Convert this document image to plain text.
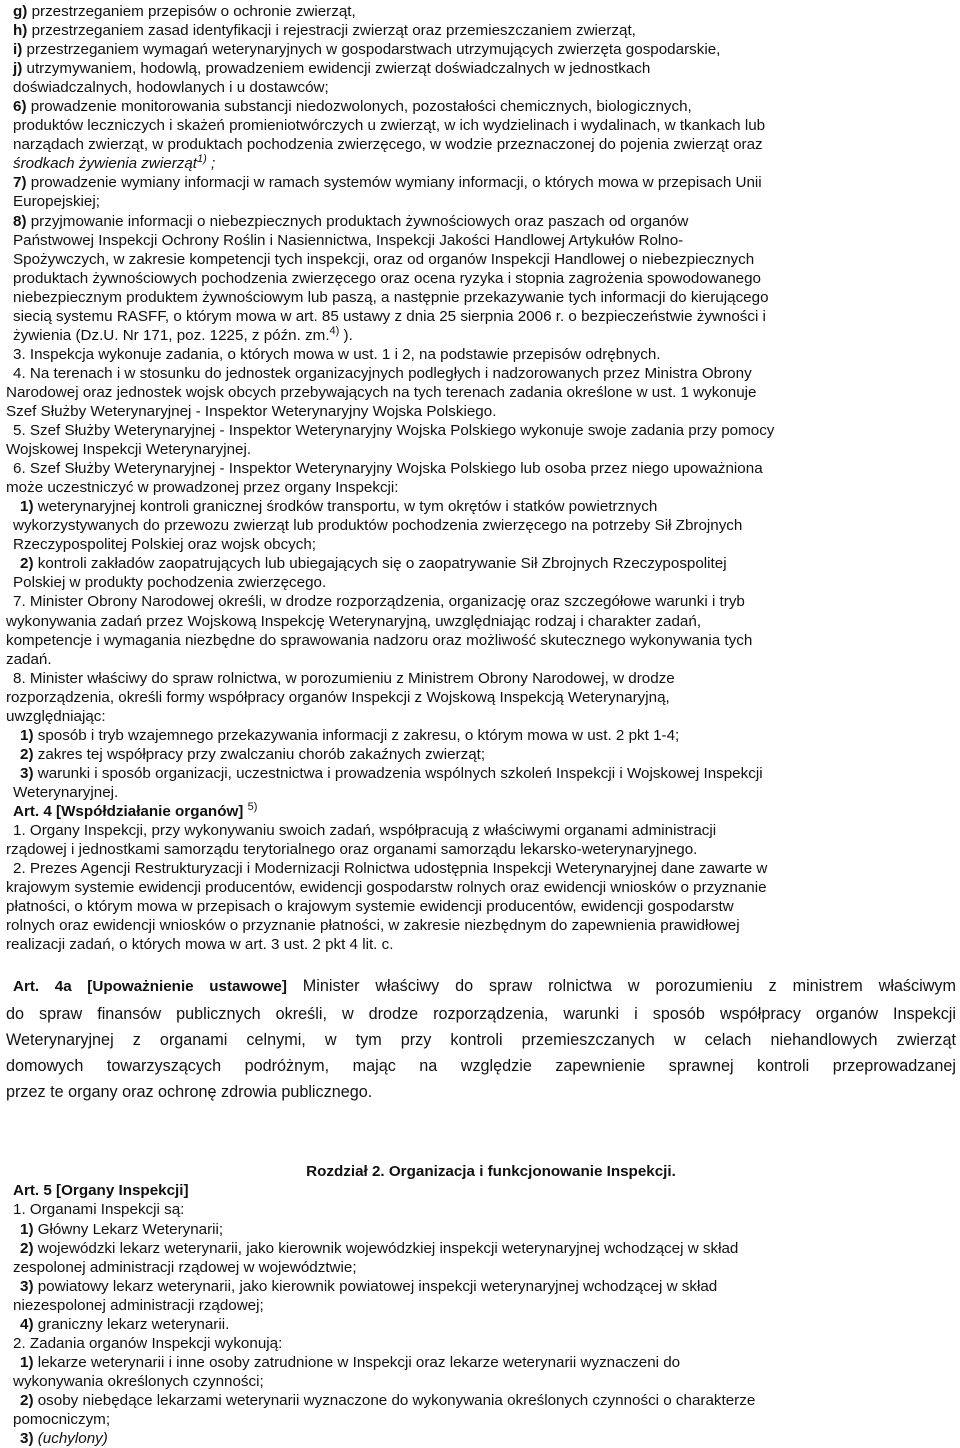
g) przestrzeganiem przepisów o ochronie zwierząt,
h) przestrzeganiem zasad identyfikacji i rejestracji zwierząt oraz przemieszczaniem zwierząt,
i) przestrzeganiem wymagań weterynaryjnych w gospodarstwach utrzymujących zwierzęta gospodarskie,
j) utrzymywaniem, hodowlą, prowadzeniem ewidencji zwierząt doświadczalnych w jednostkach
doświadczalnych, hodowlanych i u dostawców;
6) prowadzenie monitorowania substancji niedozwolonych, pozostałości chemicznych, biologicznych,
produktów leczniczych i skażeń promieniotwórczych u zwierząt, w ich wydzielinach i wydalinach, w tkankach lub
narządach zwierząt, w produktach pochodzenia zwierzęcego, w wodzie przeznaczonej do pojenia zwierząt oraz
środkach żywienia zwierząt$^{1)}$ ;
7) prowadzenie wymiany informacji w ramach systemów wymiany informacji, o których mowa w przepisach Unii
Europejskiej;
8) przyjmowanie informacji o niebezpiecznych produktach żywnościowych oraz paszach od organów
Państwowej Inspekcji Ochrony Roślin i Nasiennictwa, Inspekcji Jakości Handlowej Artykułów Rolno-
Spożywczych, w zakresie kompetencji tych inspekcji, oraz od organów Inspekcji Handlowej o niebezpiecznych
produktach żywnościowych pochodzenia zwierzęcego oraz ocena ryzyka i stopnia zagrożenia spowodowanego
niebezpiecznym produktem żywnościowym lub paszą, a następnie przekazywanie tych informacji do kierującego
siecią systemu RASFF, o którym mowa w art. 85 ustawy z dnia 25 sierpnia 2006 r. o bezpieczeństwie żywności i
żywienia (Dz.U. Nr 171, poz. 1225, z późn. zm.$^{4)}$ ).
3. Inspekcja wykonuje zadania, o których mowa w ust. 1 i 2, na podstawie przepisów odrębnych.
4. Na terenach i w stosunku do jednostek organizacyjnych podległych i nadzorowanych przez Ministra Obrony
Narodowej oraz jednostek wojsk obcych przebywających na tych terenach zadania określone w ust. 1 wykonuje
Szef Służby Weterynaryjnej - Inspektor Weterynaryjny Wojska Polskiego.
5. Szef Służby Weterynaryjnej - Inspektor Weterynaryjny Wojska Polskiego wykonuje swoje zadania przy pomocy
Wojskowej Inspekcji Weterynaryjnej.
6. Szef Służby Weterynaryjnej - Inspektor Weterynaryjny Wojska Polskiego lub osoba przez niego upoważniona
może uczestniczyć w prowadzonej przez organy Inspekcji:
1) weterynaryjnej kontroli granicznej środków transportu, w tym okrętów i statków powietrznych
wykorzystywanych do przewozu zwierząt lub produktów pochodzenia zwierzęcego na potrzeby Sił Zbrojnych
Rzeczypospolitej Polskiej oraz wojsk obcych;
2) kontroli zakładów zaopatrujących lub ubiegających się o zaopatrywanie Sił Zbrojnych Rzeczypospolitej
Polskiej w produkty pochodzenia zwierzęcego.
7. Minister Obrony Narodowej określi, w drodze rozporządzenia, organizację oraz szczegółowe warunki i tryb
wykonywania zadań przez Wojskową Inspekcję Weterynaryjną, uwzględniając rodzaj i charakter zadań,
kompetencje i wymagania niezbędne do sprawowania nadzoru oraz możliwość skutecznego wykonywania tych
zadań.
8. Minister właściwy do spraw rolnictwa, w porozumieniu z Ministrem Obrony Narodowej, w drodze
rozporządzenia, określi formy współpracy organów Inspekcji z Wojskową Inspekcją Weterynaryjną,
uwzględniając:
1) sposób i tryb wzajemnego przekazywania informacji z zakresu, o którym mowa w ust. 2 pkt 1-4;
2) zakres tej współpracy przy zwalczaniu chorób zakaźnych zwierząt;
3) warunki i sposób organizacji, uczestnictwa i prowadzenia wspólnych szkoleń Inspekcji i Wojskowej Inspekcji
Weterynaryjnej.
Art. 4 [Współdziałanie organów] $^{5)}$
1. Organy Inspekcji, przy wykonywaniu swoich zadań, współpracują z właściwymi organami administracji
rządowej i jednostkami samorządu terytorialnego oraz organami samorządu lekarsko-weterynaryjnego.
2. Prezes Agencji Restrukturyzacji i Modernizacji Rolnictwa udostępnia Inspekcji Weterynaryjnej dane zawarte w
krajowym systemie ewidencji producentów, ewidencji gospodarstw rolnych oraz ewidencji wniosków o przyznanie
płatności, o którym mowa w przepisach o krajowym systemie ewidencji producentów, ewidencji gospodarstw
rolnych oraz ewidencji wniosków o przyznanie płatności, w zakresie niezbędnym do zapewnienia prawidłowej
realizacji zadań, o których mowa w art. 3 ust. 2 pkt 4 lit. c.
Art. 4a [Upoważnienie ustawowe] Minister właściwy do spraw rolnictwa w porozumieniu z ministrem właściwym
do spraw finansów publicznych określi, w drodze rozporządzenia, warunki i sposób współpracy organów Inspekcji
Weterynaryjnej z organami celnymi, w tym przy kontroli przemieszczanych w celach niehandlowych zwierząt
domowych towarzyszących podróżnym, mając na względzie zapewnienie sprawnej kontroli przeprowadzanej
przez te organy oraz ochronę zdrowia publicznego.
Rozdział 2. Organizacja i funkcjonowanie Inspekcji.
Art. 5 [Organy Inspekcji]
1. Organami Inspekcji są:
1) Główny Lekarz Weterynarii;
2) wojewódzki lekarz weterynarii, jako kierownik wojewódzkiej inspekcji weterynaryjnej wchodzącej w skład
zespolonej administracji rządowej w województwie;
3) powiatowy lekarz weterynarii, jako kierownik powiatowej inspekcji weterynaryjnej wchodzącej w skład
niezespolonej administracji rządowej;
4) graniczny lekarz weterynarii.
2. Zadania organów Inspekcji wykonują:
1) lekarze weterynarii i inne osoby zatrudnione w Inspekcji oraz lekarze weterynarii wyznaczeni do
wykonywania określonych czynności;
2) osoby niebędące lekarzami weterynarii wyznaczone do wykonywania określonych czynności o charakterze
pomocniczym;
3) (uchylony)
